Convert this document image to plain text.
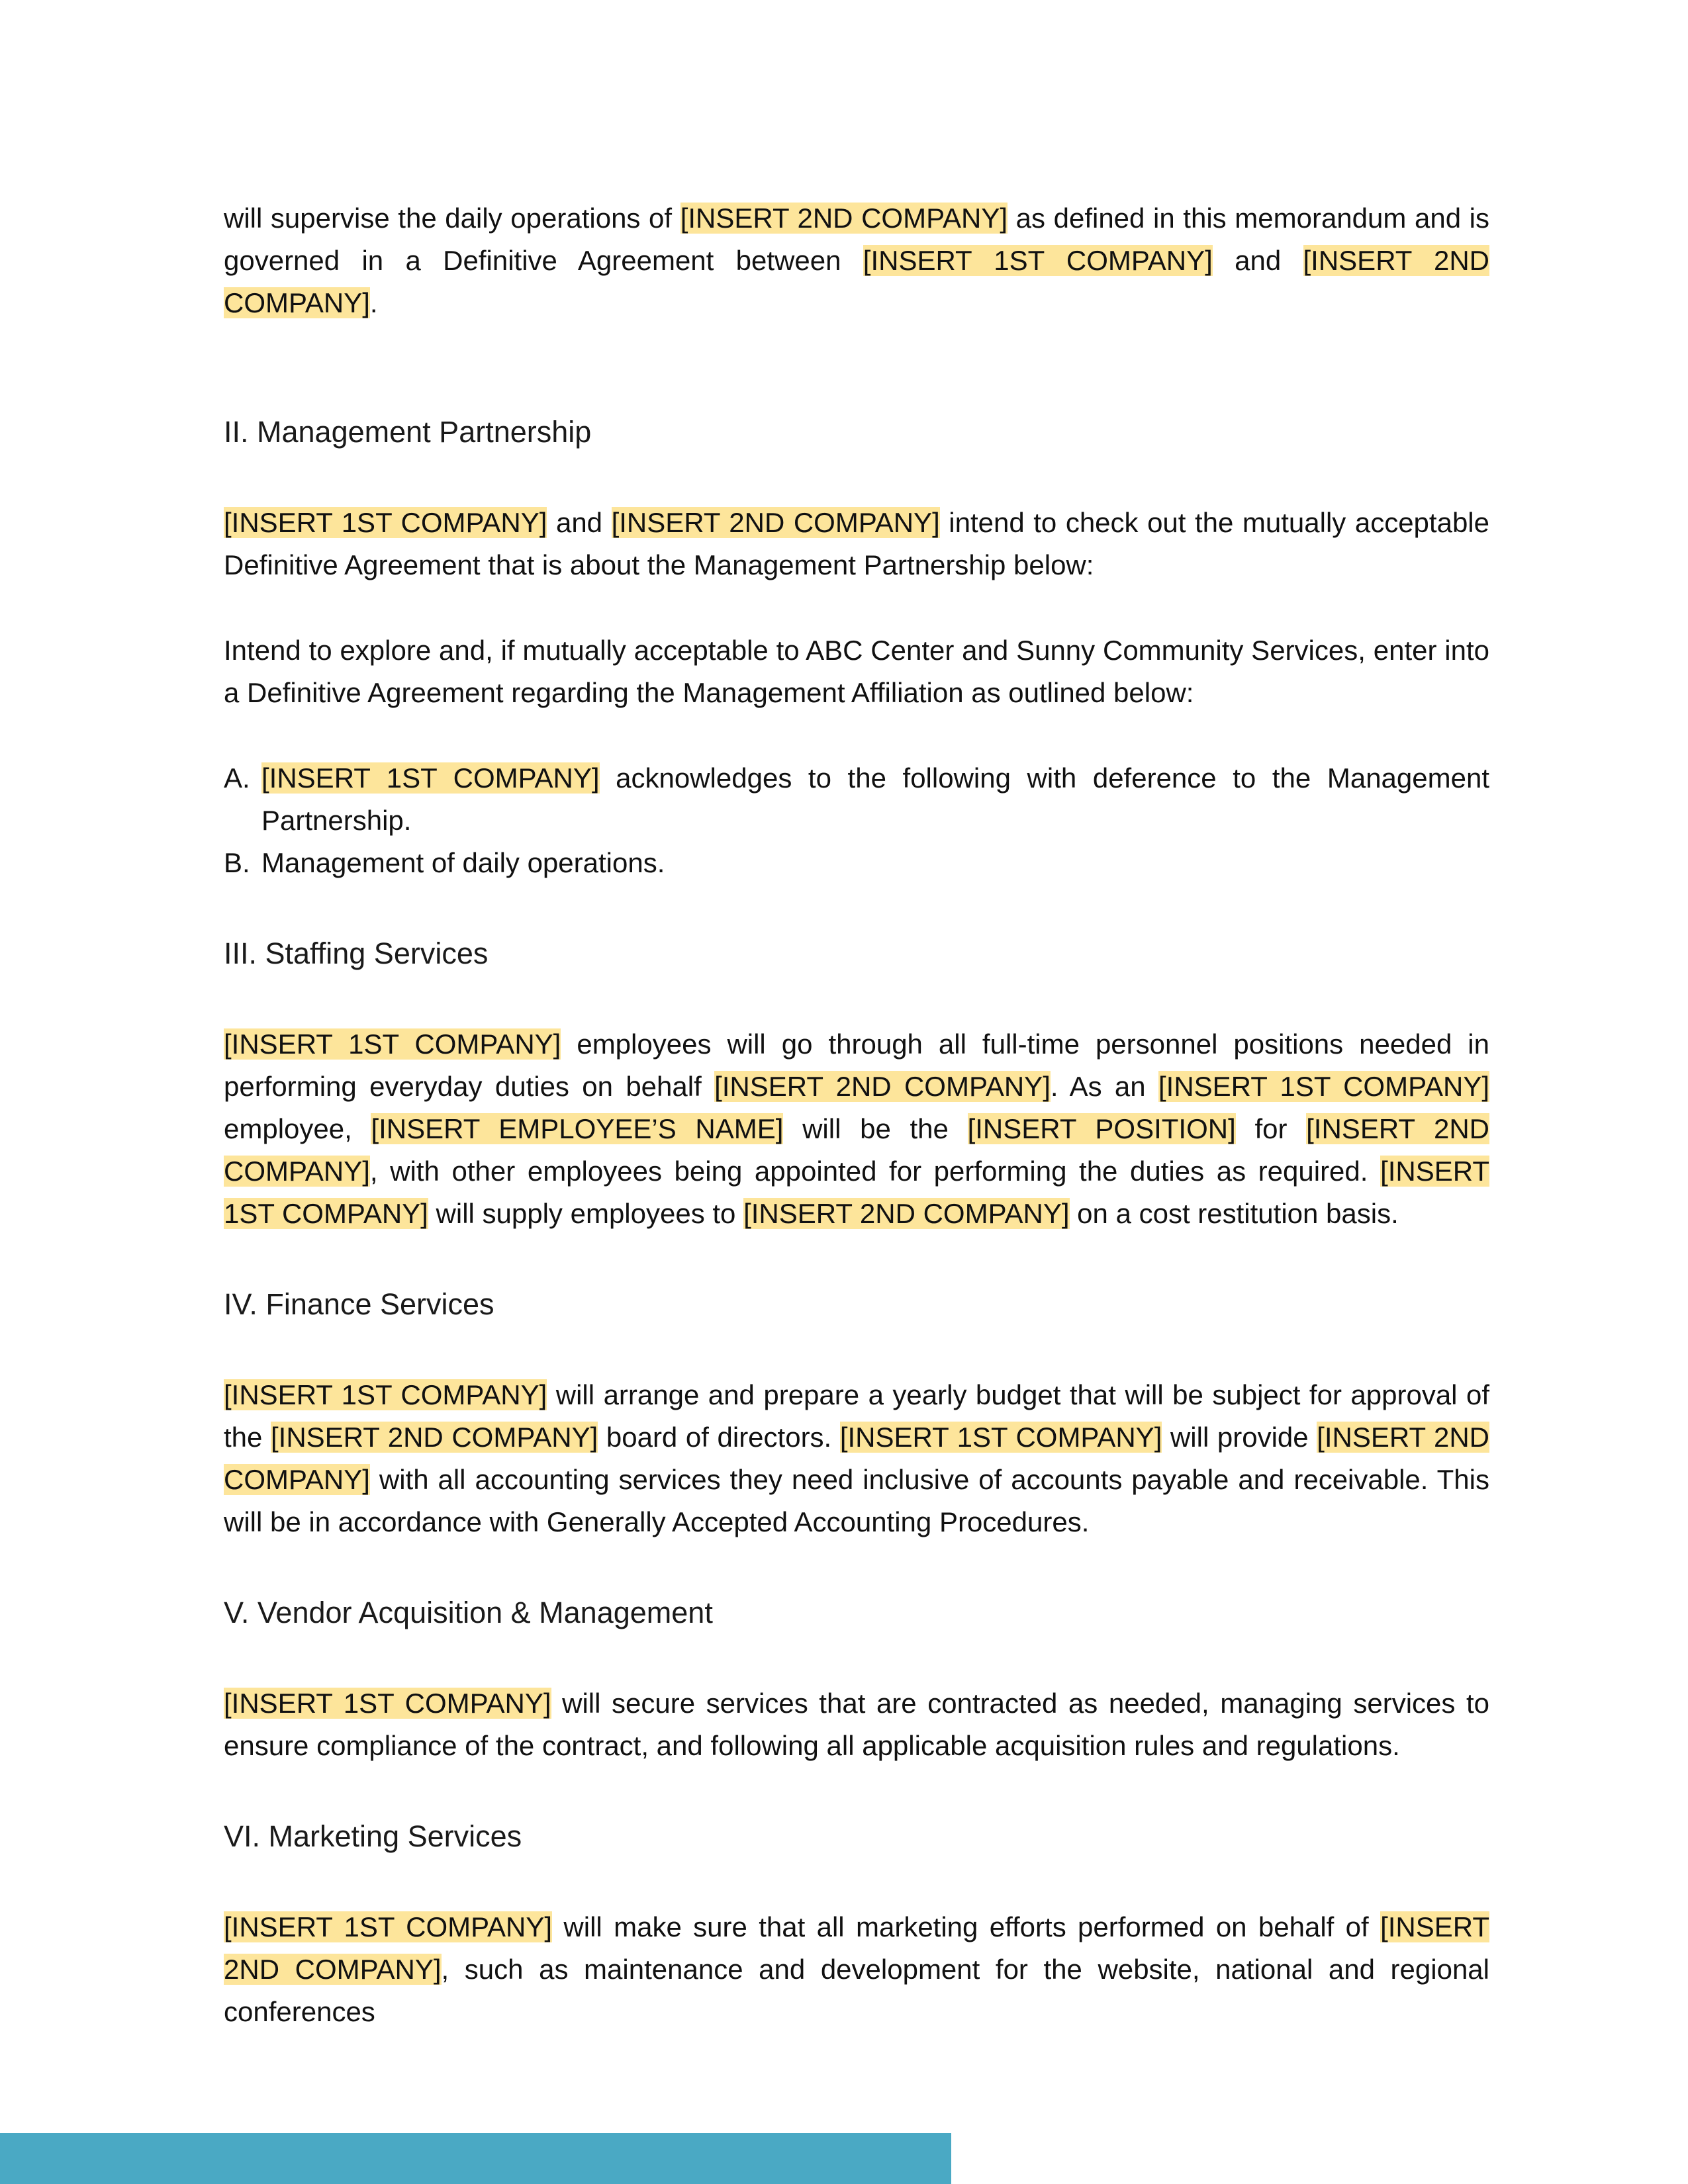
will supervise the daily operations of [INSERT 2ND COMPANY] as defined in this memorandum and is governed in a Definitive Agreement between [INSERT 1ST COMPANY] and [INSERT 2ND COMPANY].

II. Management Partnership

[INSERT 1ST COMPANY] and [INSERT 2ND COMPANY] intend to check out the mutually acceptable Definitive Agreement that is about the Management Partnership below:

Intend to explore and, if mutually acceptable to ABC Center and Sunny Community Services, enter into a Definitive Agreement regarding the Management Affiliation as outlined below:

A. [INSERT 1ST COMPANY] acknowledges to the following with deference to the Management Partnership.
B. Management of daily operations.
III. Staffing Services

[INSERT 1ST COMPANY] employees will go through all full-time personnel positions needed in performing everyday duties on behalf [INSERT 2ND COMPANY]. As an [INSERT 1ST COMPANY] employee, [INSERT EMPLOYEE’S NAME] will be the [INSERT POSITION] for [INSERT 2ND COMPANY], with other employees being appointed for performing the duties as required. [INSERT 1ST COMPANY] will supply employees to [INSERT 2ND COMPANY] on a cost restitution basis.

IV. Finance Services

[INSERT 1ST COMPANY] will arrange and prepare a yearly budget that will be subject for approval of the [INSERT 2ND COMPANY] board of directors. [INSERT 1ST COMPANY] will provide [INSERT 2ND COMPANY] with all accounting services they need inclusive of accounts payable and receivable. This will be in accordance with Generally Accepted Accounting Procedures.

V. Vendor Acquisition & Management

[INSERT 1ST COMPANY] will secure services that are contracted as needed, managing services to ensure compliance of the contract, and following all applicable acquisition rules and regulations.

VI. Marketing Services

[INSERT 1ST COMPANY] will make sure that all marketing efforts performed on behalf of [INSERT 2ND COMPANY], such as maintenance and development for the website, national and regional conferences
